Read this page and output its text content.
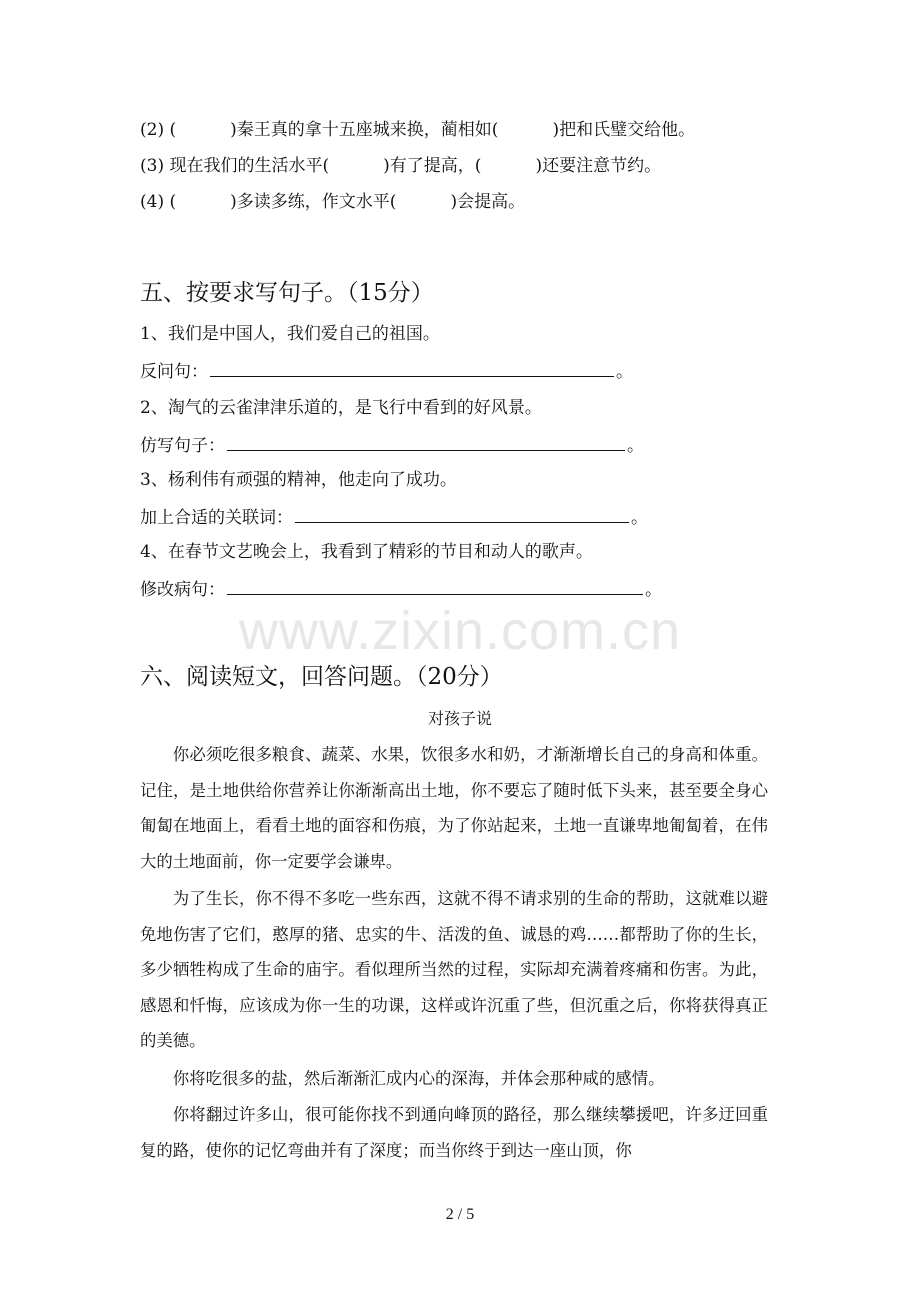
(2) (          )秦王真的拿十五座城来换，蔺相如(          )把和氏璧交给他。
(3) 现在我们的生活水平(          )有了提高，(          )还要注意节约。
(4) (          )多读多练，作文水平(          )会提高。
五、按要求写句子。（15分）
1、我们是中国人，我们爱自己的祖国。
反问句：	。
2、淘气的云雀津津乐道的，是飞行中看到的好风景。
仿写句子：	。
3、杨利伟有顽强的精神，他走向了成功。
加上合适的关联词：	。
4、在春节文艺晚会上，我看到了精彩的节目和动人的歌声。
修改病句：	。
www.zixin.com.cn
六、阅读短文，回答问题。（20分）
对孩子说
你必须吃很多粮食、蔬菜、水果，饮很多水和奶，才渐渐增长自己的身高和体重。记住，是土地供给你营养让你渐渐高出土地，你不要忘了随时低下头来，甚至要全身心匍匐在地面上，看看土地的面容和伤痕，为了你站起来，土地一直谦卑地匍匐着，在伟大的土地面前，你一定要学会谦卑。
为了生长，你不得不多吃一些东西，这就不得不请求别的生命的帮助，这就难以避免地伤害了它们，憨厚的猪、忠实的牛、活泼的鱼、诚恳的鸡……都帮助了你的生长，多少牺牲构成了生命的庙宇。看似理所当然的过程，实际却充满着疼痛和伤害。为此，感恩和忏悔，应该成为你一生的功课，这样或许沉重了些，但沉重之后，你将获得真正的美德。
你将吃很多的盐，然后渐渐汇成内心的深海，并体会那种咸的感情。
你将翻过许多山，很可能你找不到通向峰顶的路径，那么继续攀援吧，许多迂回重复的路，使你的记忆弯曲并有了深度；而当你终于到达一座山顶，你
2 / 5
